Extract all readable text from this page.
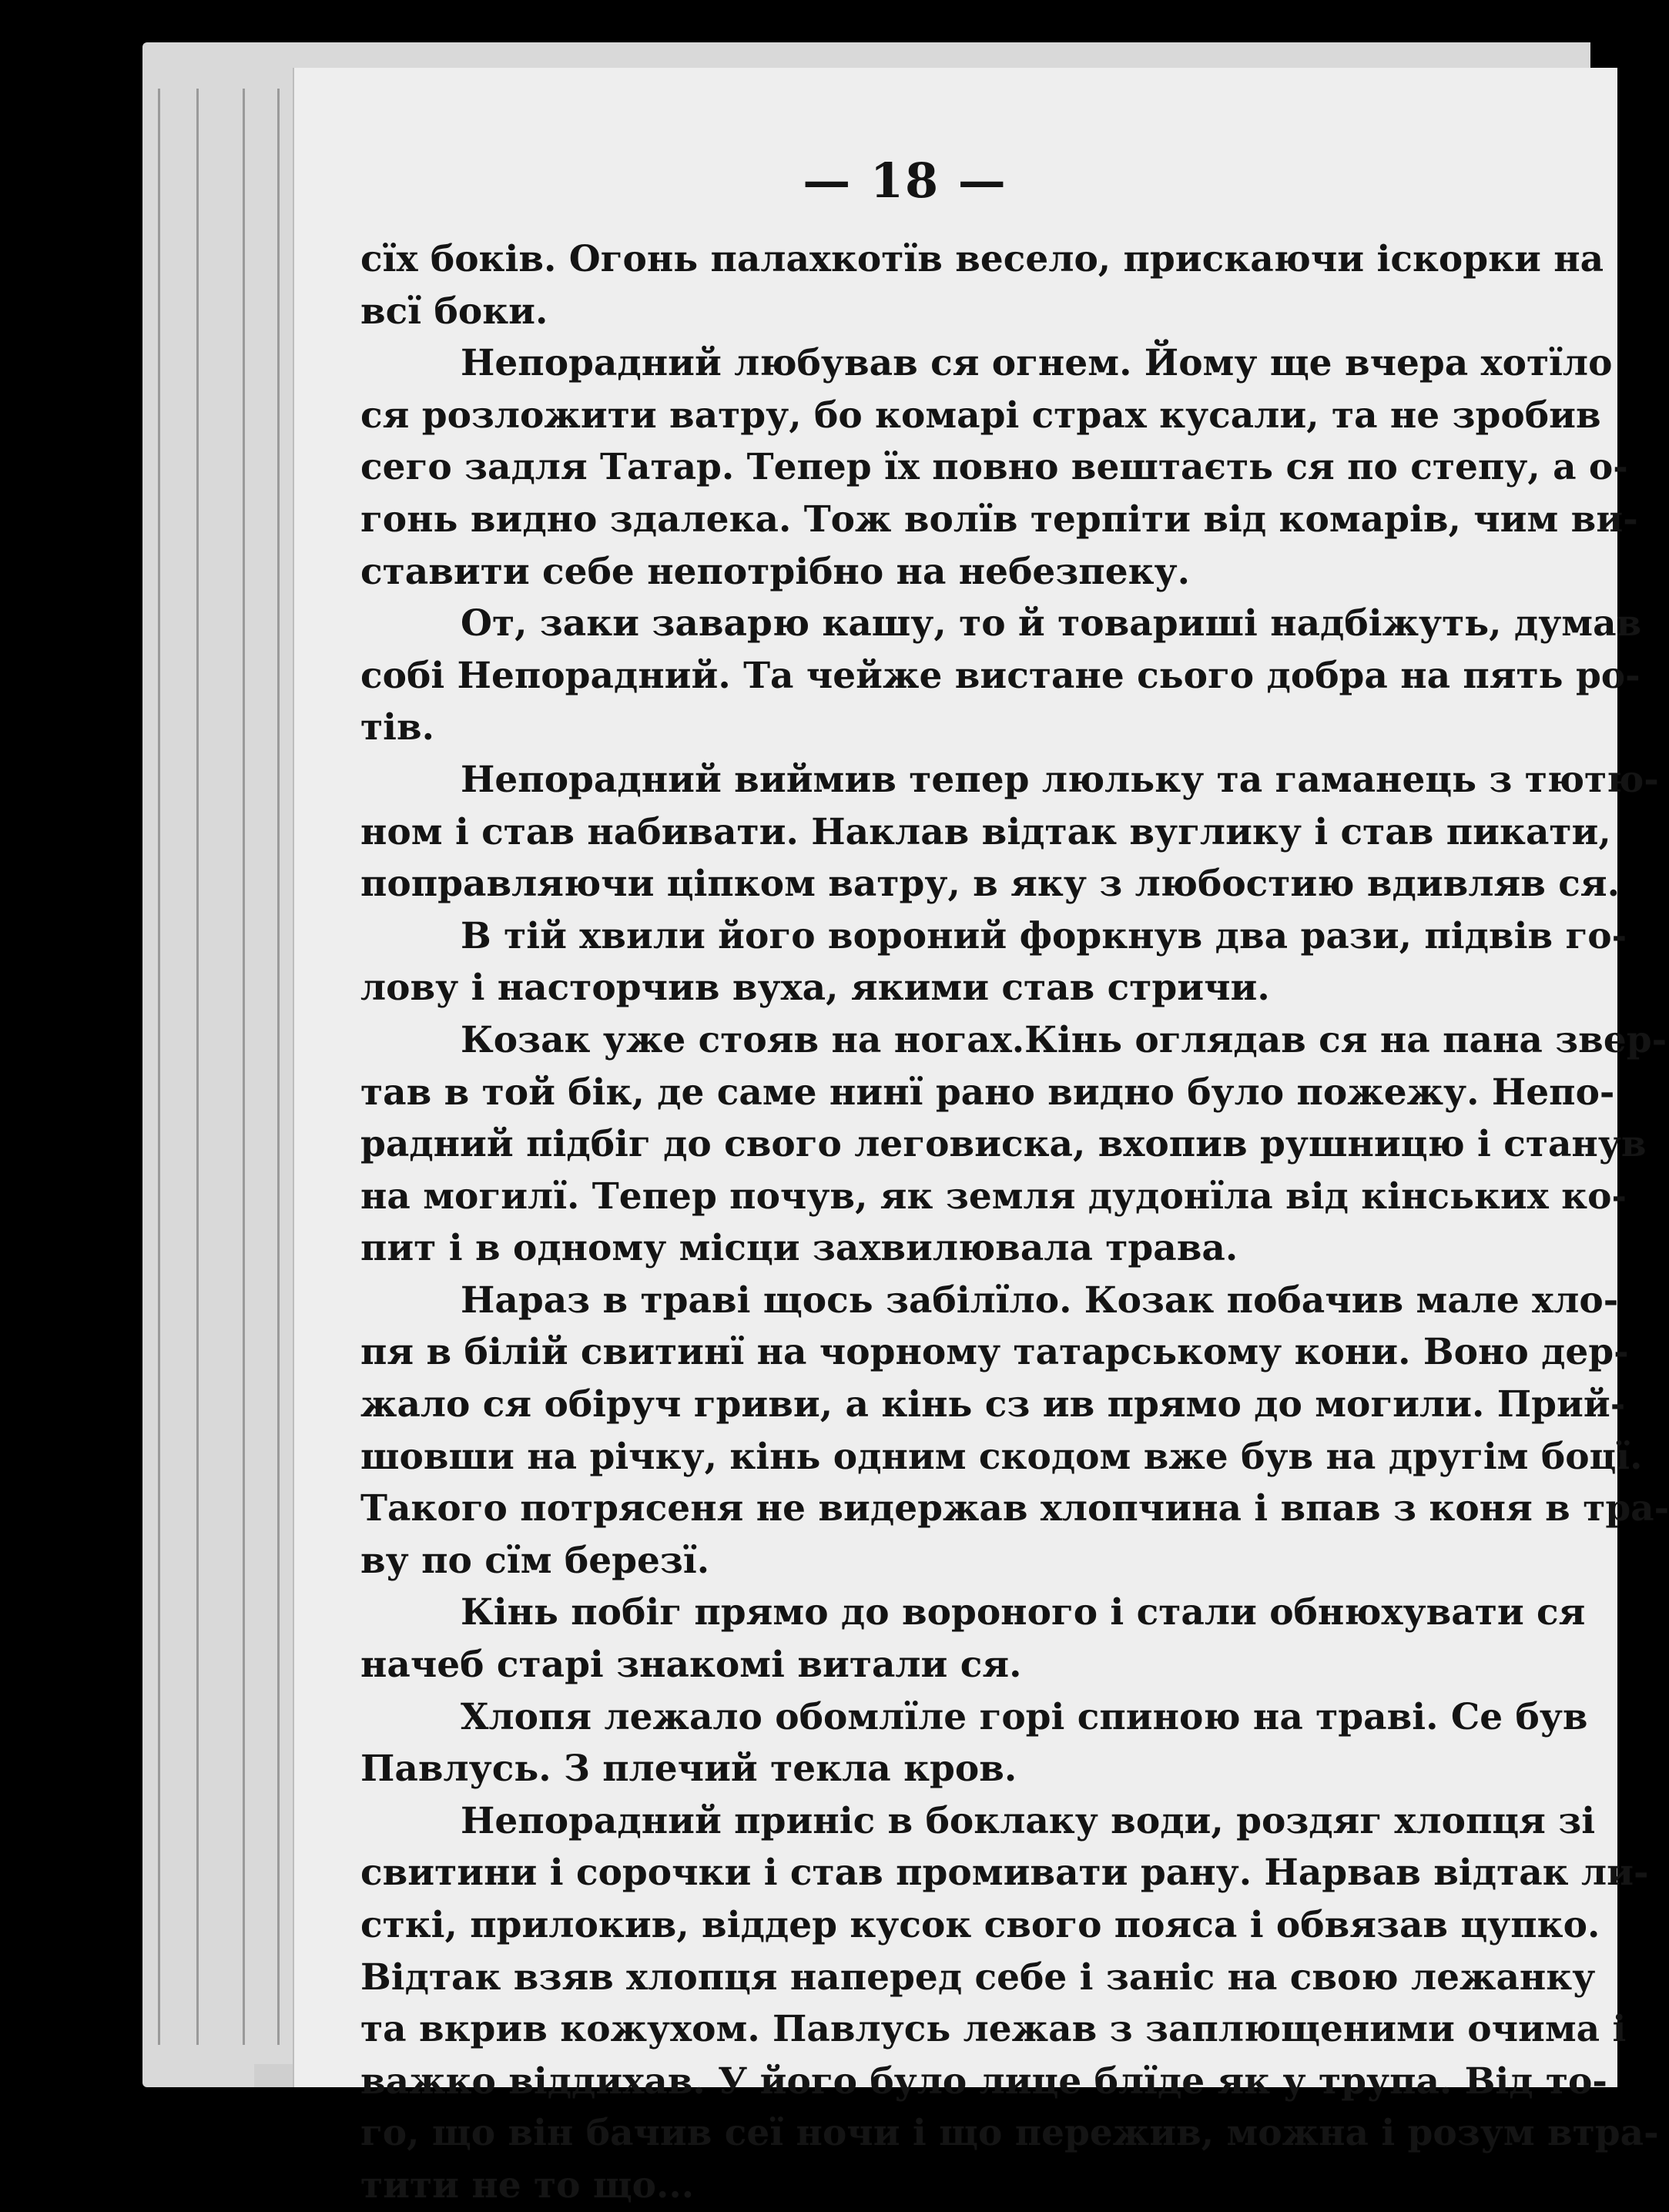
— 18 —
сїх боків. Огонь палахкотїв весело, прискаючи іскорки на
всї боки.
Непорадний любував ся огнем. Йому ще вчера хотїло
ся розложити ватру, бо комарі страх кусали, та не зробив
сего задля Татар. Тепер їх повно вештаєть ся по степу, а о-
гонь видно здалека. Тож волїв терпіти від комарів, чим ви-
ставити себе непотрібно на небезпеку.
От, заки заварю кашу, то й товариші надбіжуть, думав
собі Непорадний. Та чейже вистане сього добра на пять ро-
тів.
Непорадний виймив тепер люльку та гаманець з тютю-
ном і став набивати. Наклав відтак вуглику і став пикати,
поправляючи ціпком ватру, в яку з любостию вдивляв ся.
В тій хвили його вороний форкнув два рази, підвів го-
лову і насторчив вуха, якими став стричи.
Козак уже стояв на ногах.Кінь оглядав ся на пана звер-
тав в той бік, де саме нинї рано видно було пожежу. Непо-
радний підбіг до свого леговиска, вхопив рушницю і станув
на могилї. Тепер почув, як земля дудонїла від кінських ко-
пит і в одному місци захвилювала трава.
Нараз в траві щось забілїло. Козак побачив мале хло-
пя в білій свитинї на чорному татарському кони. Воно дер-
жало ся обіруч гриви, а кінь сз ив прямо до могили. Прий-
шовши на річку, кінь одним скодом вже був на другім боцї.
Такого потрясеня не видержав хлопчина і впав з коня в тра-
ву по сїм березї.
Кінь побіг прямо до вороного і стали обнюхувати ся
начеб старі знакомі витали ся.
Хлопя лежало обомлїле горі спиною на траві. Се був
Павлусь. З плечий текла кров.
Непорадний приніс в боклаку води, роздяг хлопця зі
свитини і сорочки і став промивати рану. Нарвав відтак ли-
сткі, прилокив, віддер кусок свого пояса і обвязав цупко.
Відтак взяв хлопця наперед себе і заніс на свою лежанку
та вкрив кожухом. Павлусь лежав з заплющеними очима і
важко віддихав. У його було лице блїде як у трупа. Від то-
го, що він бачив сеї ночи і що пережив, можна і розум втра-
тити не то що...
